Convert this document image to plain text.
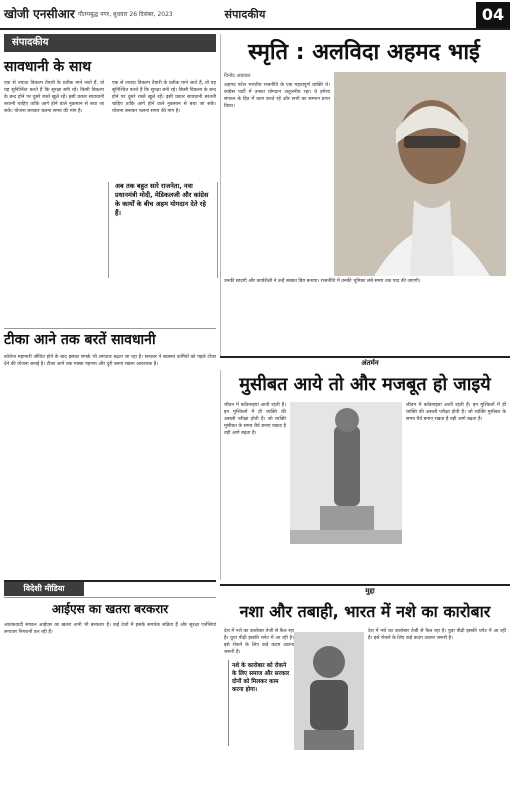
खोजी एनसीआर गौतमबुद्ध नगर, बुधवार 26 दिसंबर, 2023	संपादकीय	04
संपादकीय
सावधानी के साथ
एक से ज्यादा विकल्प तैयारी के प्रतीक माने जाते हैं, वो यह सुनिश्चित करते हैं कि सुरक्षा बनी रहे। किसी विकल्प के बन्द होने पर दूसरे रास्ते खुले रहें। इसी प्रकार सावधानी बरतनी चाहिए ताकि आगे होने वाले नुकसान से बचा जा सके। योजना बनाकर चलना समय की मांग है।
एक से ज्यादा विकल्प तैयारी के प्रतीक माने जाते हैं, वो यह सुनिश्चित करते हैं कि सुरक्षा बनी रहे। किसी विकल्प के बन्द होने पर दूसरे रास्ते खुले रहें। इसी प्रकार सावधानी बरतनी चाहिए ताकि आगे होने वाले नुकसान से बचा जा सके। योजना बनाकर चलना समय की मांग है।
अब तक बहुत सारे राजनेता, नवा प्रधानमंत्री मोदी, मेडिकलजी और कांग्रेस के कार्यों के बीच अहम योगदान देते रहे हैं।
टीका आने तक बरतें सावधानी
कोरोना महामारी जीवित होने के बाद इसका संपर्क भी लगातार बढ़ता जा रहा है। सरकार ने स्वास्थ्य कर्मियों को पहले टीका देने की योजना बनाई है। टीका आने तक मास्क पहनना और दूरी बनाए रखना आवश्यक है।
विदेशी मीडिया
आईएस का खतरा बरकरार
आतंकवादी संगठन आईएस का खतरा अभी भी बरकरार है। कई देशों में इसके समर्थक सक्रिय हैं और सुरक्षा एजेंसियां लगातार निगरानी कर रही हैं।
स्मृति : अलविदा अहमद भाई
विनोद अग्रवाल
अहमद पटेल भारतीय राजनीति के एक महत्वपूर्ण व्यक्ति थे। कांग्रेस पार्टी में उनका योगदान अतुलनीय रहा। वे हमेशा संगठन के हित में काम करते रहे और सभी का सम्मान प्राप्त किया।
उनकी सादगी और कार्यशैली ने उन्हें सबका प्रिय बनाया। राजनीति में उनकी भूमिका लंबे समय तक याद की जाएगी।
अंतर्मन
मुसीबत आये तो और मजबूत हो जाइये
जीवन में कठिनाइयां आती रहती हैं। इन मुश्किलों में ही व्यक्ति की असली परीक्षा होती है। जो व्यक्ति मुसीबत के समय धैर्य बनाए रखता है वही आगे बढ़ता है।
जीवन में कठिनाइयां आती रहती हैं। इन मुश्किलों में ही व्यक्ति की असली परीक्षा होती है। जो व्यक्ति मुसीबत के समय धैर्य बनाए रखता है वही आगे बढ़ता है।
मुद्दा
नशा और तबाही, भारत में नशे का कारोबार
देश में नशे का कारोबार तेजी से फैल रहा है। युवा पीढ़ी इसकी चपेट में आ रही है। इसे रोकने के लिए कड़े कदम उठाना जरूरी है।
नशे के कारोबार को रोकने के लिए समाज और सरकार दोनों को मिलकर काम करना होगा।
देश में नशे का कारोबार तेजी से फैल रहा है। युवा पीढ़ी इसकी चपेट में आ रही है। इसे रोकने के लिए कड़े कदम उठाना जरूरी है।
